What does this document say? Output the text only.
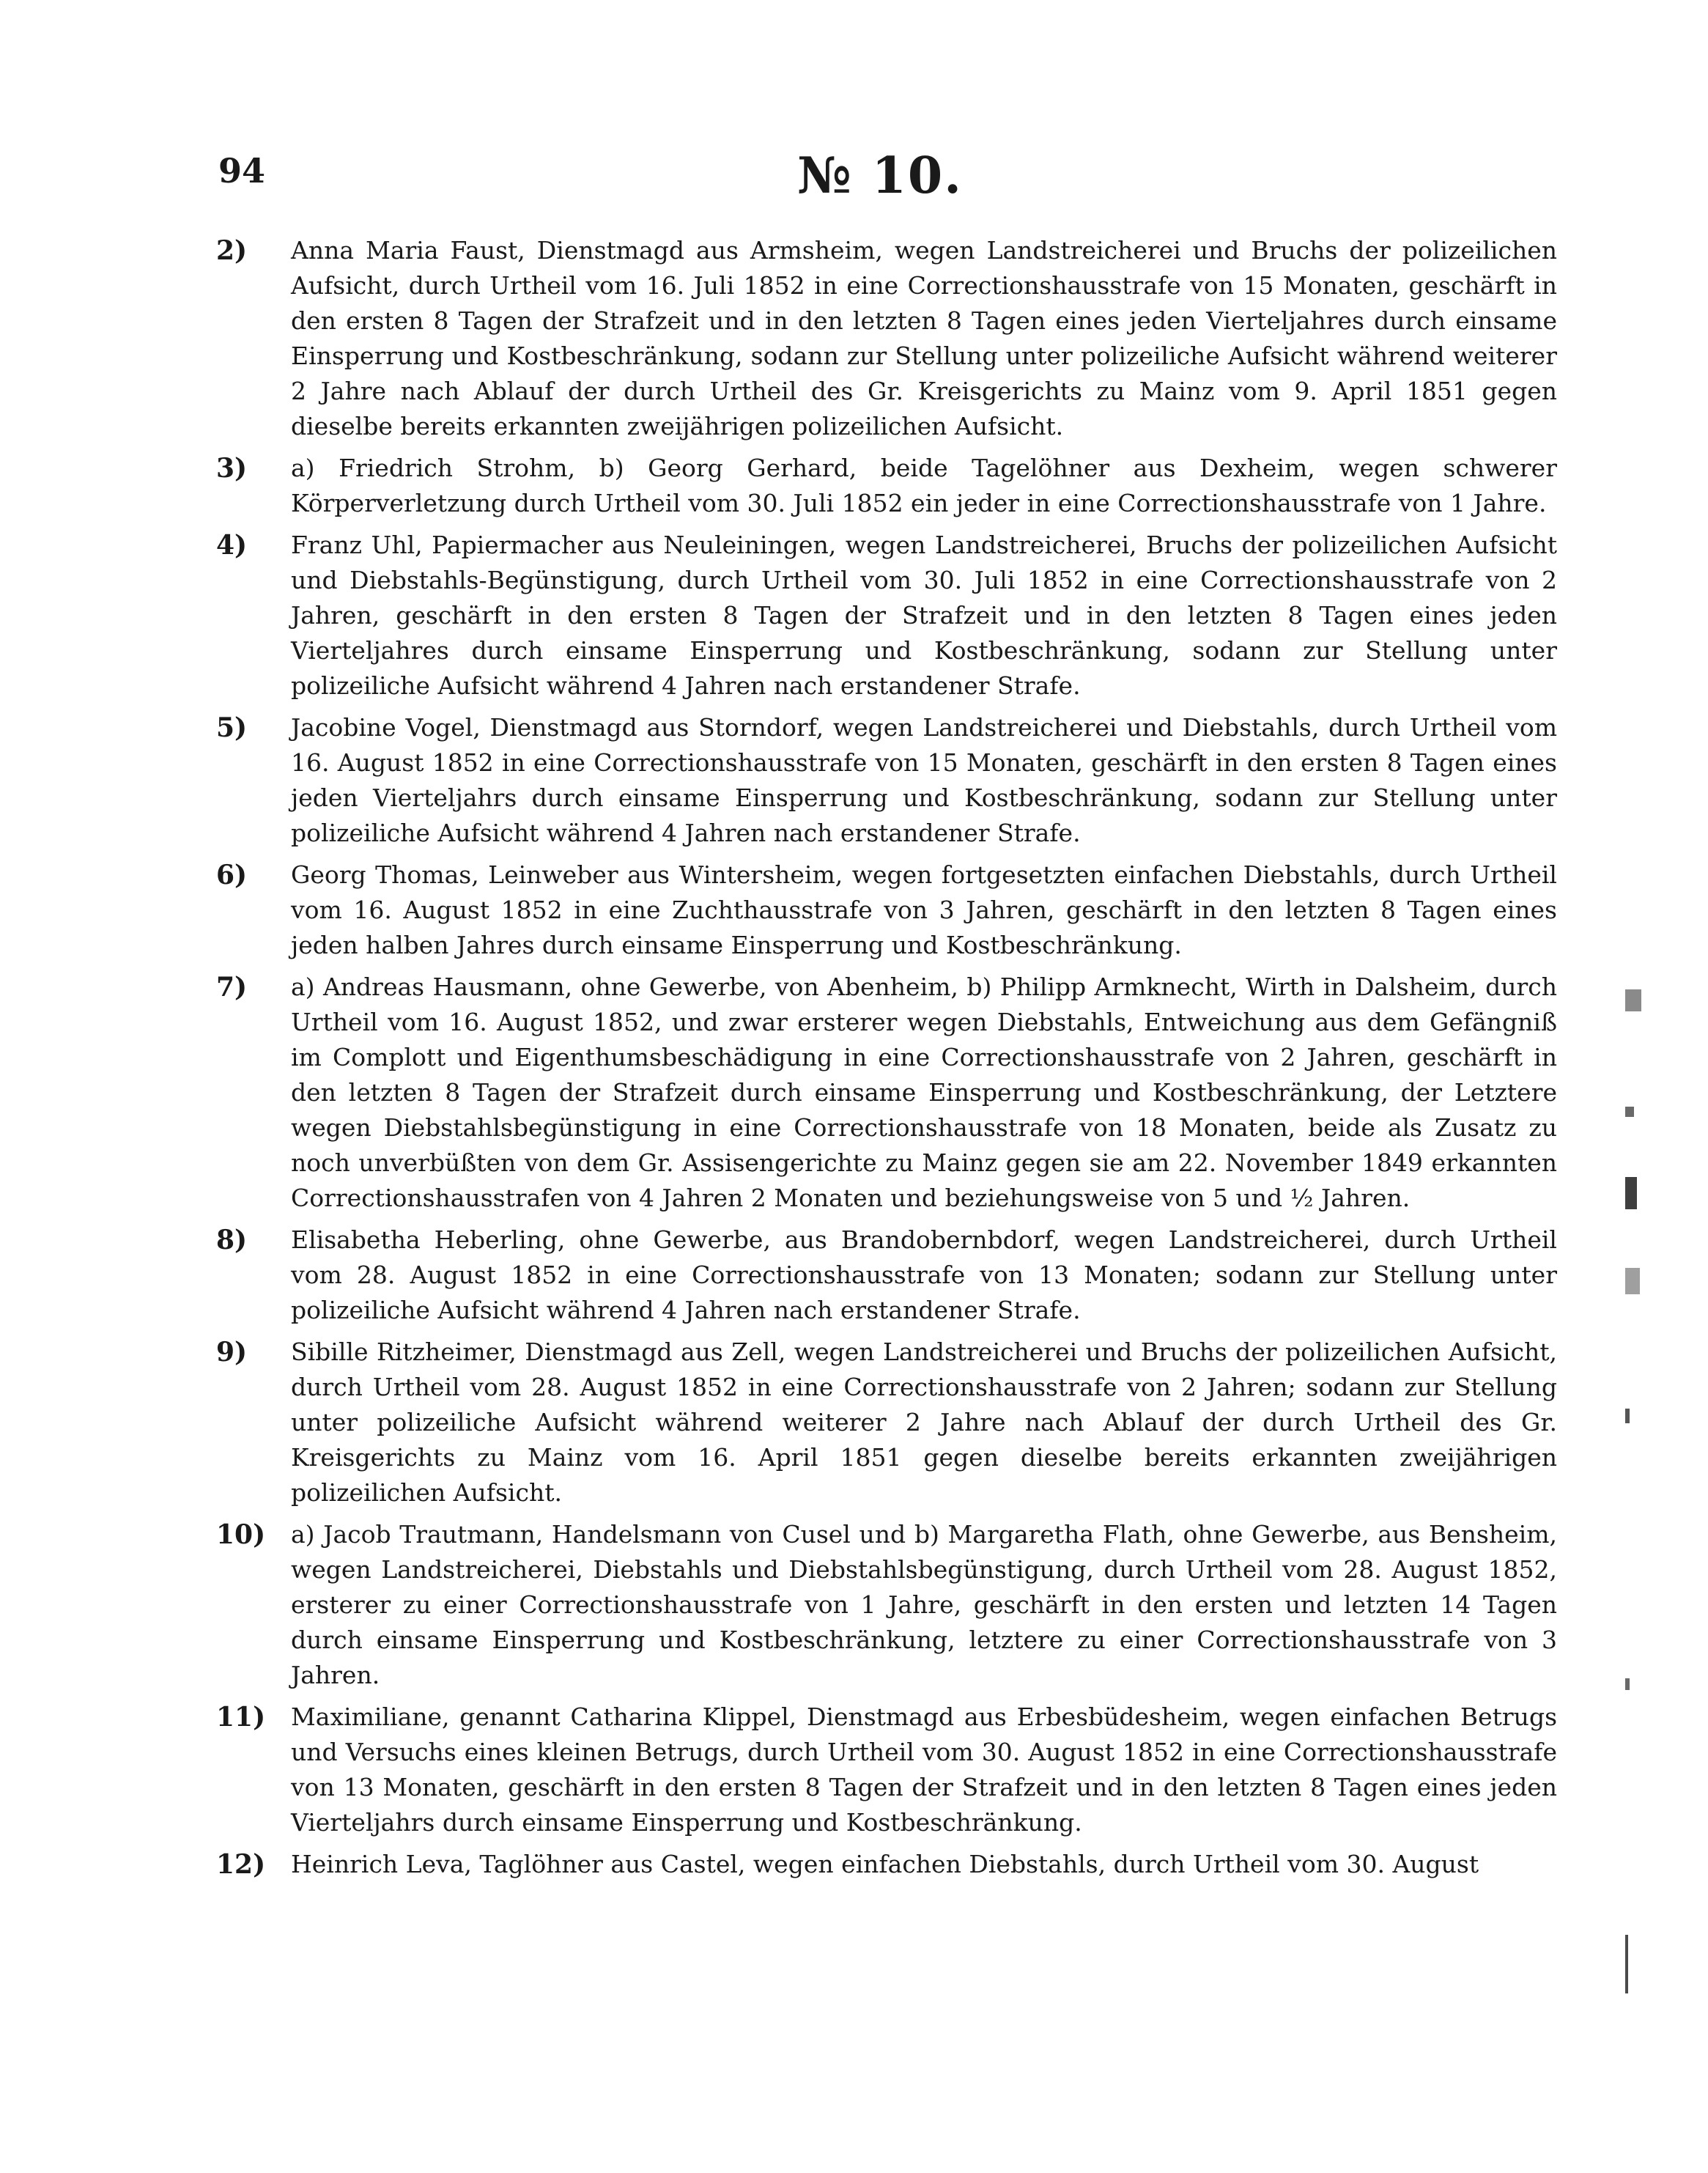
94	№ 10.
2)	Anna Maria Faust, Dienstmagd aus Armsheim, wegen Landstreicherei und Bruchs der polizeilichen Aufsicht, durch Urtheil vom 16. Juli 1852 in eine Correctionshausstrafe von 15 Monaten, geschärft in den ersten 8 Tagen der Strafzeit und in den letzten 8 Tagen eines jeden Vierteljahres durch einsame Einsperrung und Kostbeschränkung, sodann zur Stellung unter polizeiliche Aufsicht während weiterer 2 Jahre nach Ablauf der durch Urtheil des Gr. Kreisgerichts zu Mainz vom 9. April 1851 gegen dieselbe bereits erkannten zweijährigen polizeilichen Aufsicht.
3)	a) Friedrich Strohm, b) Georg Gerhard, beide Tagelöhner aus Dexheim, wegen schwerer Körperverletzung durch Urtheil vom 30. Juli 1852 ein jeder in eine Correctionshausstrafe von 1 Jahre.
4)	Franz Uhl, Papiermacher aus Neuleiningen, wegen Landstreicherei, Bruchs der polizeilichen Aufsicht und Diebstahls-Begünstigung, durch Urtheil vom 30. Juli 1852 in eine Correctionshausstrafe von 2 Jahren, geschärft in den ersten 8 Tagen der Strafzeit und in den letzten 8 Tagen eines jeden Vierteljahres durch einsame Einsperrung und Kostbeschränkung, sodann zur Stellung unter polizeiliche Aufsicht während 4 Jahren nach erstandener Strafe.
5)	Jacobine Vogel, Dienstmagd aus Storndorf, wegen Landstreicherei und Diebstahls, durch Urtheil vom 16. August 1852 in eine Correctionshausstrafe von 15 Monaten, geschärft in den ersten 8 Tagen eines jeden Vierteljahrs durch einsame Einsperrung und Kostbeschränkung, sodann zur Stellung unter polizeiliche Aufsicht während 4 Jahren nach erstandener Strafe.
6)	Georg Thomas, Leinweber aus Wintersheim, wegen fortgesetzten einfachen Diebstahls, durch Urtheil vom 16. August 1852 in eine Zuchthausstrafe von 3 Jahren, geschärft in den letzten 8 Tagen eines jeden halben Jahres durch einsame Einsperrung und Kostbeschränkung.
7)	a) Andreas Hausmann, ohne Gewerbe, von Abenheim, b) Philipp Armknecht, Wirth in Dalsheim, durch Urtheil vom 16. August 1852, und zwar ersterer wegen Diebstahls, Entweichung aus dem Gefängniß im Complott und Eigenthumsbeschädigung in eine Correctionshausstrafe von 2 Jahren, geschärft in den letzten 8 Tagen der Strafzeit durch einsame Einsperrung und Kostbeschränkung, der Letztere wegen Diebstahlsbegünstigung in eine Correctionshausstrafe von 18 Monaten, beide als Zusatz zu noch unverbüßten von dem Gr. Assisengerichte zu Mainz gegen sie am 22. November 1849 erkannten Correctionshausstrafen von 4 Jahren 2 Monaten und beziehungsweise von 5 und ½ Jahren.
8)	Elisabetha Heberling, ohne Gewerbe, aus Brandobernbdorf, wegen Landstreicherei, durch Urtheil vom 28. August 1852 in eine Correctionshausstrafe von 13 Monaten; sodann zur Stellung unter polizeiliche Aufsicht während 4 Jahren nach erstandener Strafe.
9)	Sibille Ritzheimer, Dienstmagd aus Zell, wegen Landstreicherei und Bruchs der polizeilichen Aufsicht, durch Urtheil vom 28. August 1852 in eine Correctionshausstrafe von 2 Jahren; sodann zur Stellung unter polizeiliche Aufsicht während weiterer 2 Jahre nach Ablauf der durch Urtheil des Gr. Kreisgerichts zu Mainz vom 16. April 1851 gegen dieselbe bereits erkannten zweijährigen polizeilichen Aufsicht.
10)	a) Jacob Trautmann, Handelsmann von Cusel und b) Margaretha Flath, ohne Gewerbe, aus Bensheim, wegen Landstreicherei, Diebstahls und Diebstahlsbegünstigung, durch Urtheil vom 28. August 1852, ersterer zu einer Correctionshausstrafe von 1 Jahre, geschärft in den ersten und letzten 14 Tagen durch einsame Einsperrung und Kostbeschränkung, letztere zu einer Correctionshausstrafe von 3 Jahren.
11)	Maximiliane, genannt Catharina Klippel, Dienstmagd aus Erbesbüdesheim, wegen einfachen Betrugs und Versuchs eines kleinen Betrugs, durch Urtheil vom 30. August 1852 in eine Correctionshausstrafe von 13 Monaten, geschärft in den ersten 8 Tagen der Strafzeit und in den letzten 8 Tagen eines jeden Vierteljahrs durch einsame Einsperrung und Kostbeschränkung.
12)	Heinrich Leva, Taglöhner aus Castel, wegen einfachen Diebstahls, durch Urtheil vom 30. August
